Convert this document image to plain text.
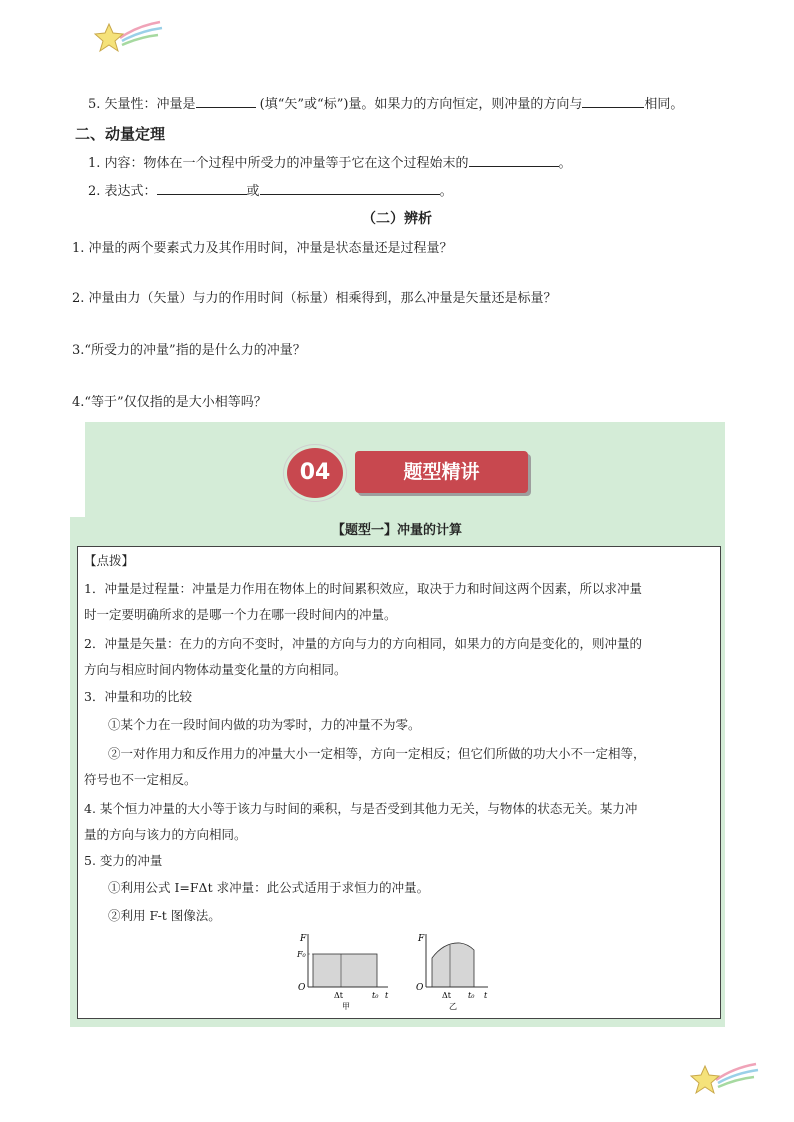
5. 矢量性：冲量是	(填“矢”或“标”)量。如果力的方向恒定，则冲量的方向与	相同。
二、动量定理
1. 内容：物体在一个过程中所受力的冲量等于它在这个过程始末的	。
2. 表达式：	或	。
（二）辨析
1. 冲量的两个要素式力及其作用时间，冲量是状态量还是过程量？
2. 冲量由力（矢量）与力的作用时间（标量）相乘得到，那么冲量是矢量还是标量？
3.“所受力的冲量”指的是什么力的冲量？
4.“等于”仅仅指的是大小相等吗？
04	题型精讲
【题型一】冲量的计算
【点拨】
1．冲量是过程量：冲量是力作用在物体上的时间累积效应，取决于力和时间这两个因素，所以求冲量
时一定要明确所求的是哪一个力在哪一段时间内的冲量。
2．冲量是矢量：在力的方向不变时，冲量的方向与力的方向相同，如果力的方向是变化的，则冲量的
方向与相应时间内物体动量变化量的方向相同。
3．冲量和功的比较
①某个力在一段时间内做的功为零时，力的冲量不为零。
②一对作用力和反作用力的冲量大小一定相等，方向一定相反；但它们所做的功大小不一定相等，
符号也不一定相反。
4. 某个恒力冲量的大小等于该力与时间的乘积，与是否受到其他力无关，与物体的状态无关。某力冲
量的方向与该力的方向相同。
5. 变力的冲量
①利用公式 I=FΔt 求冲量：此公式适用于求恒力的冲量。
②利用 F-t 图像法。
F
F₀
O
Δt	t₀ t
甲
F
O
Δt t₀ t
乙
